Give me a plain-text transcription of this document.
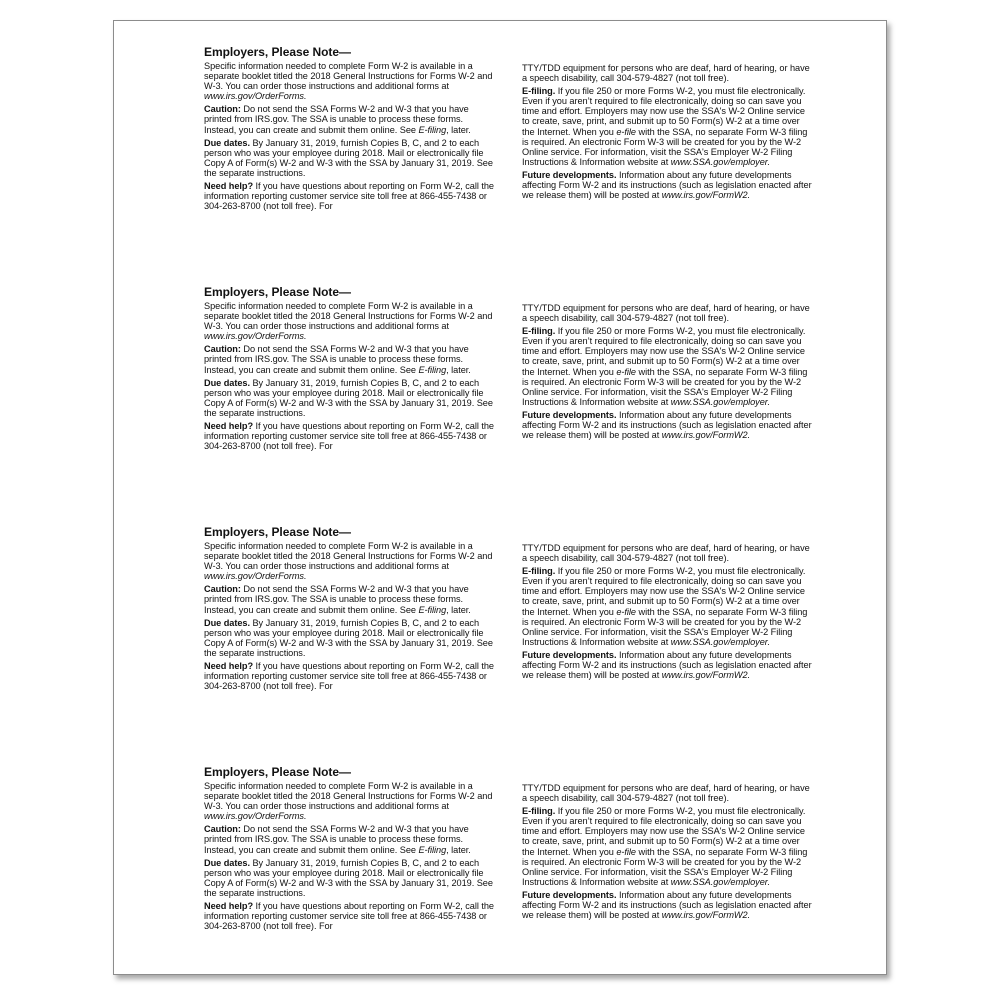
Employers, Please Note—
Specific information needed to complete Form W-2 is available in a separate booklet titled the 2018 General Instructions for Forms W-2 and W-3. You can order those instructions and additional forms at www.irs.gov/OrderForms.
Caution: Do not send the SSA Forms W-2 and W-3 that you have printed from IRS.gov. The SSA is unable to process these forms. Instead, you can create and submit them online. See E-filing, later.
Due dates. By January 31, 2019, furnish Copies B, C, and 2 to each person who was your employee during 2018. Mail or electronically file Copy A of Form(s) W-2 and W-3 with the SSA by January 31, 2019. See the separate instructions.
Need help? If you have questions about reporting on Form W-2, call the information reporting customer service site toll free at 866-455-7438 or 304-263-8700 (not toll free). For
TTY/TDD equipment for persons who are deaf, hard of hearing, or have a speech disability, call 304-579-4827 (not toll free).
E-filing. If you file 250 or more Forms W-2, you must file electronically. Even if you aren’t required to file electronically, doing so can save you time and effort. Employers may now use the SSA's W-2 Online service to create, save, print, and submit up to 50 Form(s) W-2 at a time over the Internet. When you e-file with the SSA, no separate Form W-3 filing is required. An electronic Form W-3 will be created for you by the W-2 Online service. For information, visit the SSA's Employer W-2 Filing Instructions & Information website at www.SSA.gov/employer.
Future developments. Information about any future developments affecting Form W-2 and its instructions (such as legislation enacted after we release them) will be posted at www.irs.gov/FormW2.
Employers, Please Note—
Specific information needed to complete Form W-2 is available in a separate booklet titled the 2018 General Instructions for Forms W-2 and W-3. You can order those instructions and additional forms at www.irs.gov/OrderForms.
Caution: Do not send the SSA Forms W-2 and W-3 that you have printed from IRS.gov. The SSA is unable to process these forms. Instead, you can create and submit them online. See E-filing, later.
Due dates. By January 31, 2019, furnish Copies B, C, and 2 to each person who was your employee during 2018. Mail or electronically file Copy A of Form(s) W-2 and W-3 with the SSA by January 31, 2019. See the separate instructions.
Need help? If you have questions about reporting on Form W-2, call the information reporting customer service site toll free at 866-455-7438 or 304-263-8700 (not toll free). For
TTY/TDD equipment for persons who are deaf, hard of hearing, or have a speech disability, call 304-579-4827 (not toll free).
E-filing. If you file 250 or more Forms W-2, you must file electronically. Even if you aren’t required to file electronically, doing so can save you time and effort. Employers may now use the SSA's W-2 Online service to create, save, print, and submit up to 50 Form(s) W-2 at a time over the Internet. When you e-file with the SSA, no separate Form W-3 filing is required. An electronic Form W-3 will be created for you by the W-2 Online service. For information, visit the SSA's Employer W-2 Filing Instructions & Information website at www.SSA.gov/employer.
Future developments. Information about any future developments affecting Form W-2 and its instructions (such as legislation enacted after we release them) will be posted at www.irs.gov/FormW2.
Employers, Please Note—
Specific information needed to complete Form W-2 is available in a separate booklet titled the 2018 General Instructions for Forms W-2 and W-3. You can order those instructions and additional forms at www.irs.gov/OrderForms.
Caution: Do not send the SSA Forms W-2 and W-3 that you have printed from IRS.gov. The SSA is unable to process these forms. Instead, you can create and submit them online. See E-filing, later.
Due dates. By January 31, 2019, furnish Copies B, C, and 2 to each person who was your employee during 2018. Mail or electronically file Copy A of Form(s) W-2 and W-3 with the SSA by January 31, 2019. See the separate instructions.
Need help? If you have questions about reporting on Form W-2, call the information reporting customer service site toll free at 866-455-7438 or 304-263-8700 (not toll free). For
TTY/TDD equipment for persons who are deaf, hard of hearing, or have a speech disability, call 304-579-4827 (not toll free).
E-filing. If you file 250 or more Forms W-2, you must file electronically. Even if you aren’t required to file electronically, doing so can save you time and effort. Employers may now use the SSA's W-2 Online service to create, save, print, and submit up to 50 Form(s) W-2 at a time over the Internet. When you e-file with the SSA, no separate Form W-3 filing is required. An electronic Form W-3 will be created for you by the W-2 Online service. For information, visit the SSA's Employer W-2 Filing Instructions & Information website at www.SSA.gov/employer.
Future developments. Information about any future developments affecting Form W-2 and its instructions (such as legislation enacted after we release them) will be posted at www.irs.gov/FormW2.
Employers, Please Note—
Specific information needed to complete Form W-2 is available in a separate booklet titled the 2018 General Instructions for Forms W-2 and W-3. You can order those instructions and additional forms at www.irs.gov/OrderForms.
Caution: Do not send the SSA Forms W-2 and W-3 that you have printed from IRS.gov. The SSA is unable to process these forms. Instead, you can create and submit them online. See E-filing, later.
Due dates. By January 31, 2019, furnish Copies B, C, and 2 to each person who was your employee during 2018. Mail or electronically file Copy A of Form(s) W-2 and W-3 with the SSA by January 31, 2019. See the separate instructions.
Need help? If you have questions about reporting on Form W-2, call the information reporting customer service site toll free at 866-455-7438 or 304-263-8700 (not toll free). For
TTY/TDD equipment for persons who are deaf, hard of hearing, or have a speech disability, call 304-579-4827 (not toll free).
E-filing. If you file 250 or more Forms W-2, you must file electronically. Even if you aren’t required to file electronically, doing so can save you time and effort. Employers may now use the SSA's W-2 Online service to create, save, print, and submit up to 50 Form(s) W-2 at a time over the Internet. When you e-file with the SSA, no separate Form W-3 filing is required. An electronic Form W-3 will be created for you by the W-2 Online service. For information, visit the SSA's Employer W-2 Filing Instructions & Information website at www.SSA.gov/employer.
Future developments. Information about any future developments affecting Form W-2 and its instructions (such as legislation enacted after we release them) will be posted at www.irs.gov/FormW2.
